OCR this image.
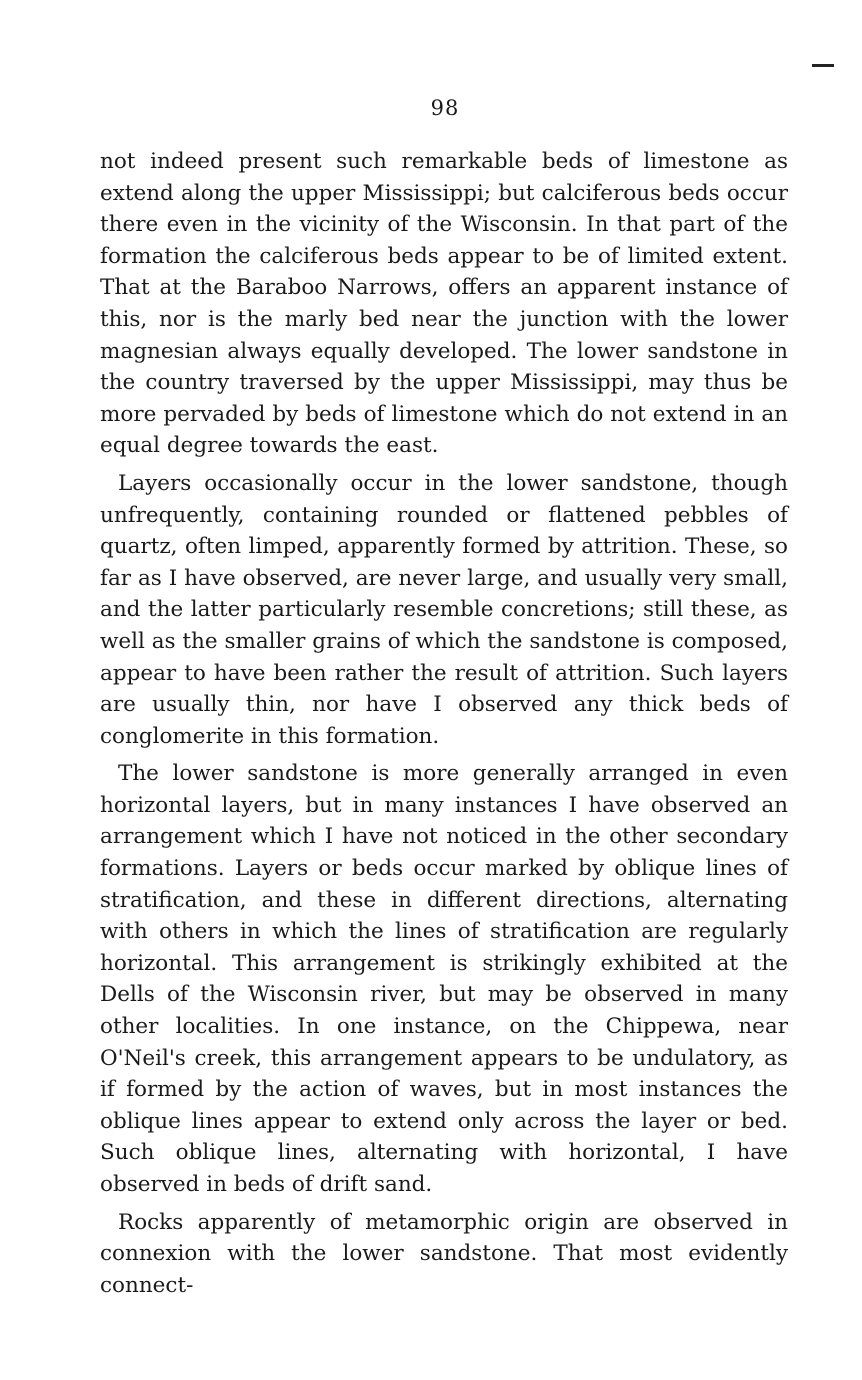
98

not indeed present such remarkable beds of limestone as extend along the upper Mississippi; but calciferous beds occur there even in the vicinity of the Wisconsin. In that part of the formation the calciferous beds appear to be of limited extent. That at the Baraboo Narrows, offers an apparent instance of this, nor is the marly bed near the junction with the lower magnesian always equally developed. The lower sandstone in the country traversed by the upper Mississippi, may thus be more pervaded by beds of limestone which do not extend in an equal degree towards the east.

Layers occasionally occur in the lower sandstone, though unfrequently, containing rounded or flattened pebbles of quartz, often limped, apparently formed by attrition. These, so far as I have observed, are never large, and usually very small, and the latter particularly resemble concretions; still these, as well as the smaller grains of which the sandstone is composed, appear to have been rather the result of attrition. Such layers are usually thin, nor have I observed any thick beds of conglomerite in this formation.

The lower sandstone is more generally arranged in even horizontal layers, but in many instances I have observed an arrangement which I have not noticed in the other secondary formations. Layers or beds occur marked by oblique lines of stratification, and these in different directions, alternating with others in which the lines of stratification are regularly horizontal. This arrangement is strikingly exhibited at the Dells of the Wisconsin river, but may be observed in many other localities. In one instance, on the Chippewa, near O'Neil's creek, this arrangement appears to be undulatory, as if formed by the action of waves, but in most instances the oblique lines appear to extend only across the layer or bed. Such oblique lines, alternating with horizontal, I have observed in beds of drift sand.

Rocks apparently of metamorphic origin are observed in connexion with the lower sandstone. That most evidently connect-
